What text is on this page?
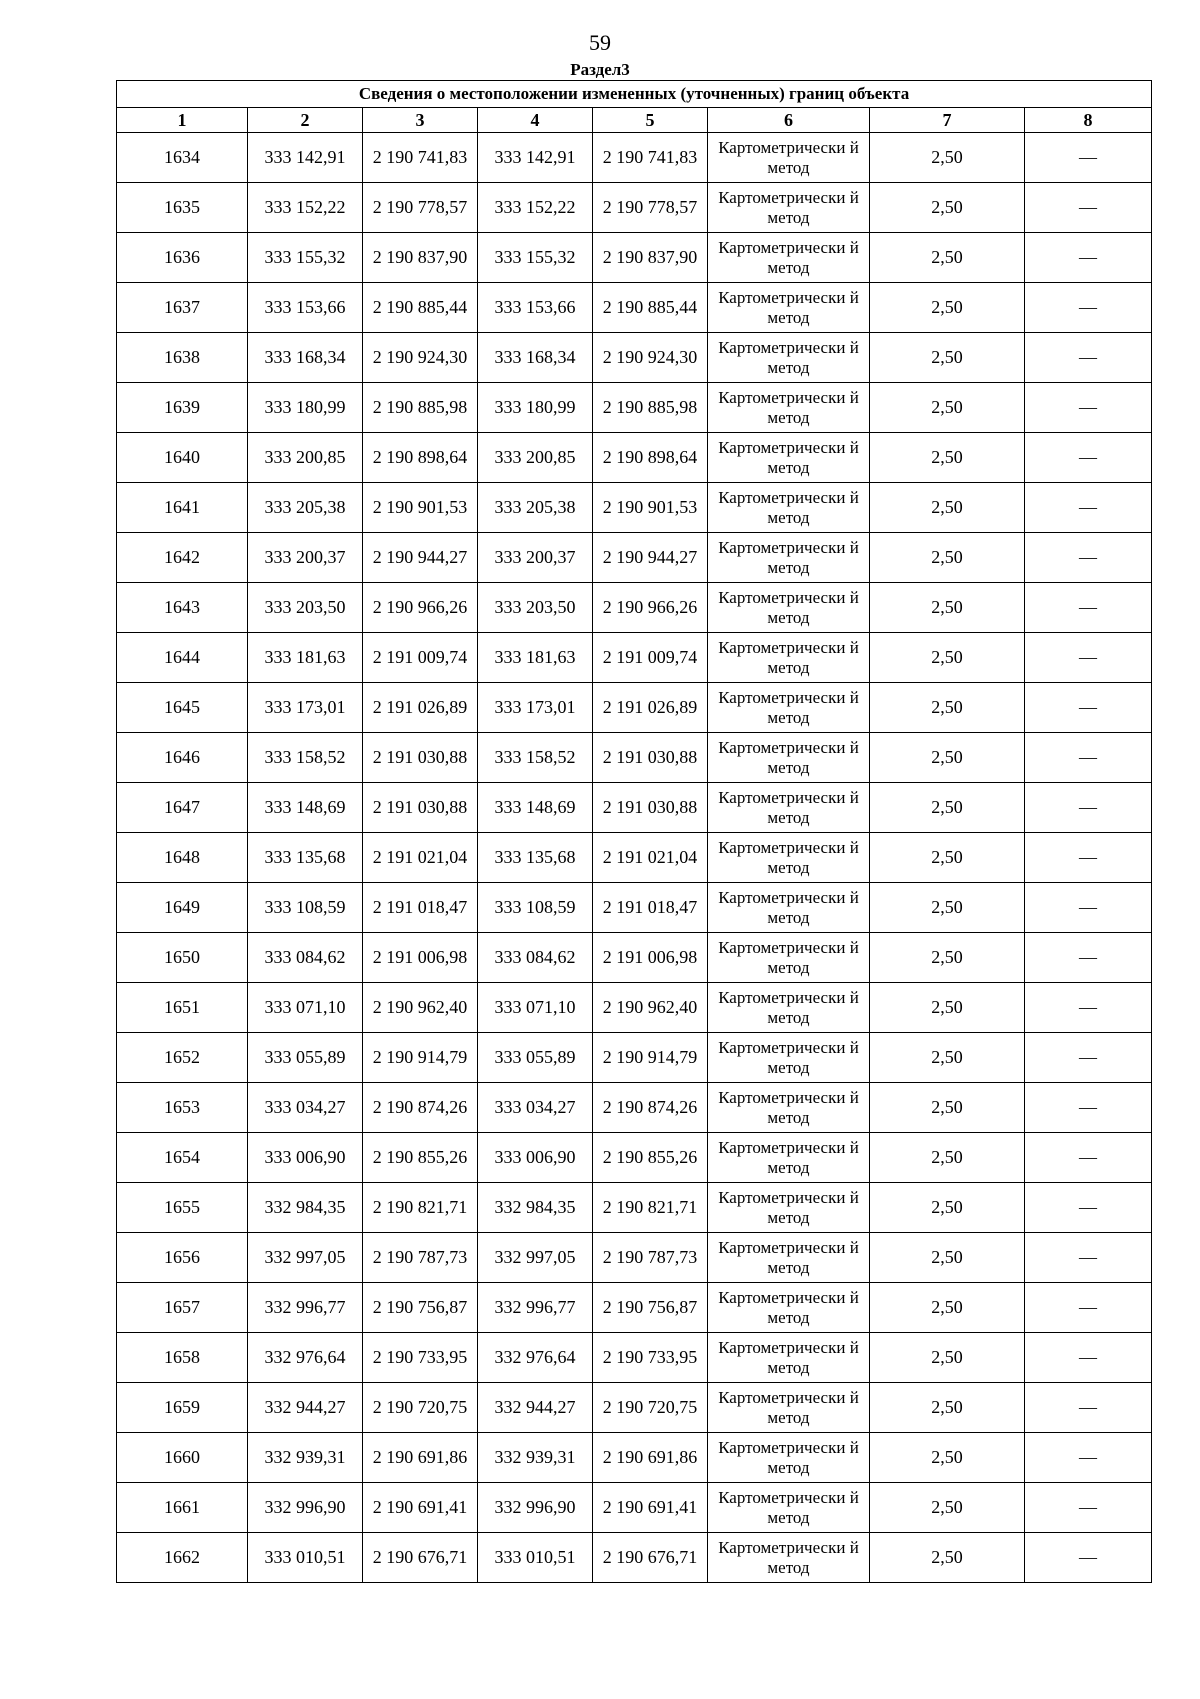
59
Раздел3
Сведения о местоположении измененных (уточненных) границ объекта							
1	2	3	4	5	6	7	8
1634	333 142,91	2 190 741,83	333 142,91	2 190 741,83	Картометрически й метод	2,50	—
1635	333 152,22	2 190 778,57	333 152,22	2 190 778,57	Картометрически й метод	2,50	—
1636	333 155,32	2 190 837,90	333 155,32	2 190 837,90	Картометрически й метод	2,50	—
1637	333 153,66	2 190 885,44	333 153,66	2 190 885,44	Картометрически й метод	2,50	—
1638	333 168,34	2 190 924,30	333 168,34	2 190 924,30	Картометрически й метод	2,50	—
1639	333 180,99	2 190 885,98	333 180,99	2 190 885,98	Картометрически й метод	2,50	—
1640	333 200,85	2 190 898,64	333 200,85	2 190 898,64	Картометрически й метод	2,50	—
1641	333 205,38	2 190 901,53	333 205,38	2 190 901,53	Картометрически й метод	2,50	—
1642	333 200,37	2 190 944,27	333 200,37	2 190 944,27	Картометрически й метод	2,50	—
1643	333 203,50	2 190 966,26	333 203,50	2 190 966,26	Картометрически й метод	2,50	—
1644	333 181,63	2 191 009,74	333 181,63	2 191 009,74	Картометрически й метод	2,50	—
1645	333 173,01	2 191 026,89	333 173,01	2 191 026,89	Картометрически й метод	2,50	—
1646	333 158,52	2 191 030,88	333 158,52	2 191 030,88	Картометрически й метод	2,50	—
1647	333 148,69	2 191 030,88	333 148,69	2 191 030,88	Картометрически й метод	2,50	—
1648	333 135,68	2 191 021,04	333 135,68	2 191 021,04	Картометрически й метод	2,50	—
1649	333 108,59	2 191 018,47	333 108,59	2 191 018,47	Картометрически й метод	2,50	—
1650	333 084,62	2 191 006,98	333 084,62	2 191 006,98	Картометрически й метод	2,50	—
1651	333 071,10	2 190 962,40	333 071,10	2 190 962,40	Картометрически й метод	2,50	—
1652	333 055,89	2 190 914,79	333 055,89	2 190 914,79	Картометрически й метод	2,50	—
1653	333 034,27	2 190 874,26	333 034,27	2 190 874,26	Картометрически й метод	2,50	—
1654	333 006,90	2 190 855,26	333 006,90	2 190 855,26	Картометрически й метод	2,50	—
1655	332 984,35	2 190 821,71	332 984,35	2 190 821,71	Картометрически й метод	2,50	—
1656	332 997,05	2 190 787,73	332 997,05	2 190 787,73	Картометрически й метод	2,50	—
1657	332 996,77	2 190 756,87	332 996,77	2 190 756,87	Картометрически й метод	2,50	—
1658	332 976,64	2 190 733,95	332 976,64	2 190 733,95	Картометрически й метод	2,50	—
1659	332 944,27	2 190 720,75	332 944,27	2 190 720,75	Картометрически й метод	2,50	—
1660	332 939,31	2 190 691,86	332 939,31	2 190 691,86	Картометрически й метод	2,50	—
1661	332 996,90	2 190 691,41	332 996,90	2 190 691,41	Картометрически й метод	2,50	—
1662	333 010,51	2 190 676,71	333 010,51	2 190 676,71	Картометрически й метод	2,50	—
